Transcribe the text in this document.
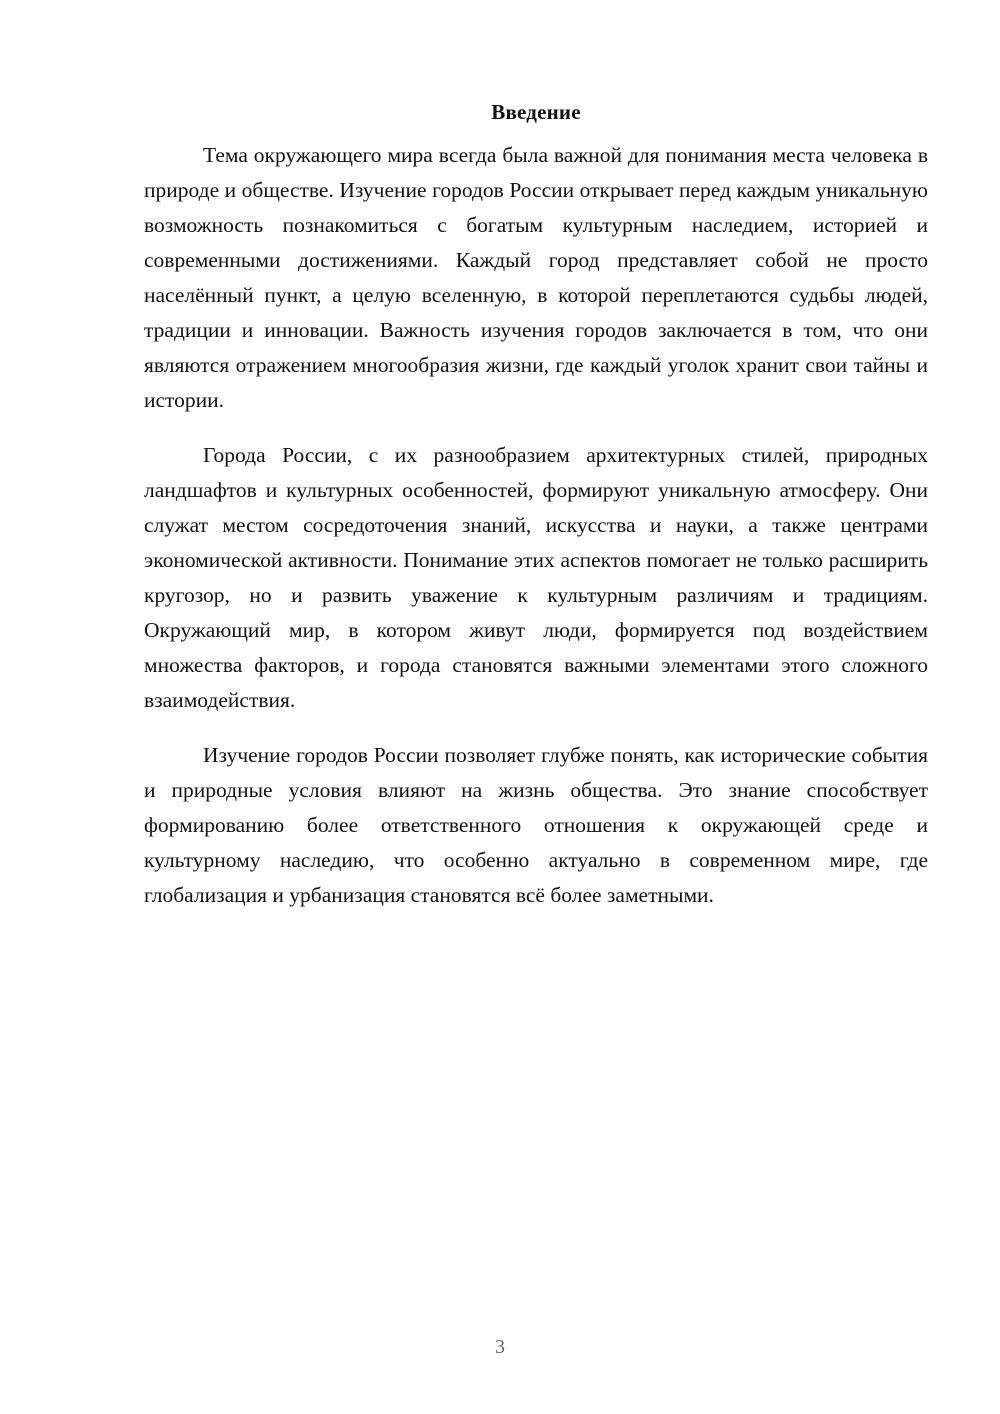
Введение

Тема окружающего мира всегда была важной для понимания места человека в природе и обществе. Изучение городов России открывает перед каждым уникальную возможность познакомиться с богатым культурным наследием, историей и современными достижениями. Каждый город представляет собой не просто населённый пункт, а целую вселенную, в которой переплетаются судьбы людей, традиции и инновации. Важность изучения городов заключается в том, что они являются отражением многообразия жизни, где каждый уголок хранит свои тайны и истории.

Города России, с их разнообразием архитектурных стилей, природных ландшафтов и культурных особенностей, формируют уникальную атмосферу. Они служат местом сосредоточения знаний, искусства и науки, а также центрами экономической активности. Понимание этих аспектов помогает не только расширить кругозор, но и развить уважение к культурным различиям и традициям. Окружающий мир, в котором живут люди, формируется под воздействием множества факторов, и города становятся важными элементами этого сложного взаимодействия.

Изучение городов России позволяет глубже понять, как исторические события и природные условия влияют на жизнь общества. Это знание способствует формированию более ответственного отношения к окружающей среде и культурному наследию, что особенно актуально в современном мире, где глобализация и урбанизация становятся всё более заметными.

3
